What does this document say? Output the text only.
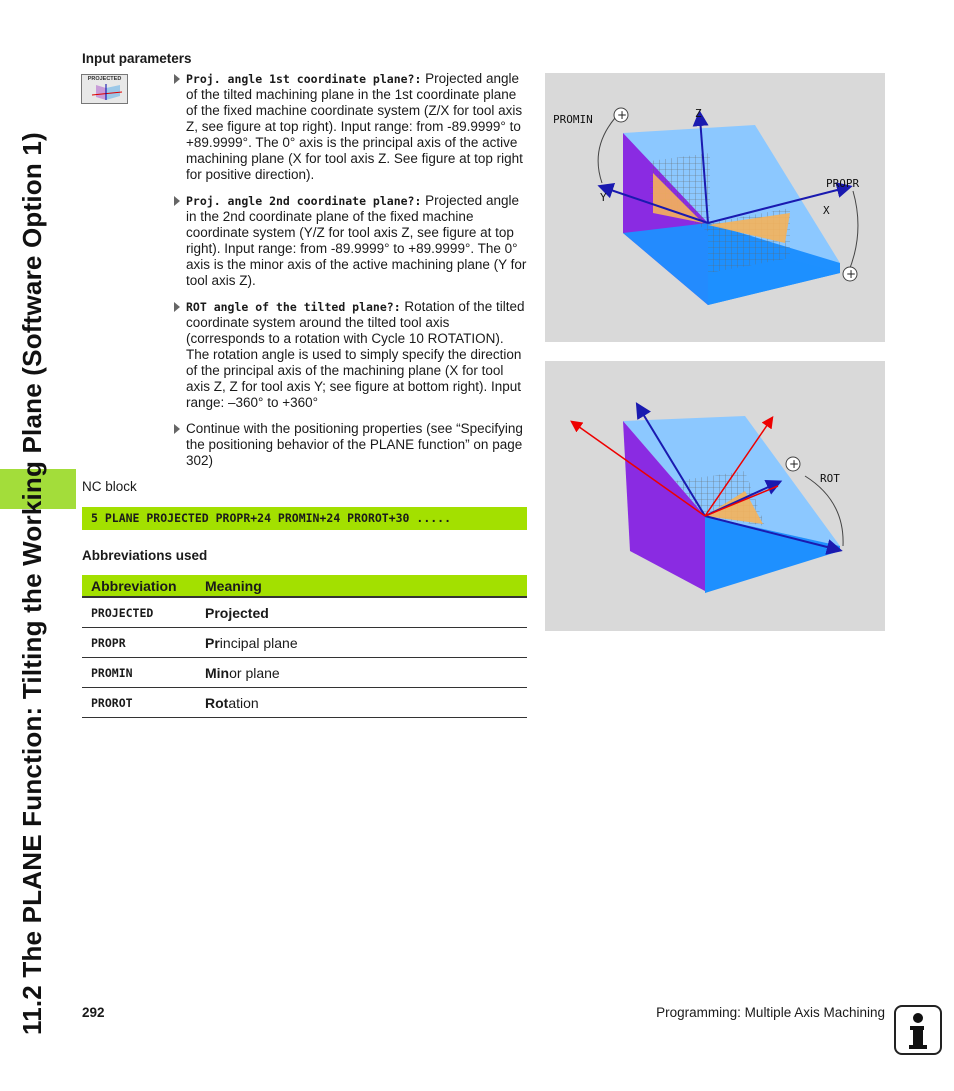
11.2 The PLANE Function: Tilting the Working Plane (Software Option 1)
Input parameters
PROJECTED	Proj. angle 1st coordinate plane?: Projected angle of the tilted machining plane in the 1st coordinate plane of the fixed machine coordinate system (Z/X for tool axis Z, see figure at top right). Input range: from -89.9999° to +89.9999°. The 0° axis is the principal axis of the active machining plane (X for tool axis Z. See figure at top right for positive direction).
Proj. angle 2nd coordinate plane?: Projected angle in the 2nd coordinate plane of the fixed machine coordinate system (Y/Z for tool axis Z, see figure at top right). Input range: from -89.9999° to +89.9999°. The 0° axis is the minor axis of the active machining plane (Y for tool axis Z).
ROT angle of the tilted plane?: Rotation of the tilted coordinate system around the tilted tool axis (corresponds to a rotation with Cycle 10 ROTATION). The rotation angle is used to simply specify the direction of the principal axis of the machining plane (X for tool axis Z, Z for tool axis Y; see figure at bottom right). Input range: –360° to +360°
Continue with the positioning properties (see “Specifying the positioning behavior of the PLANE function” on page 302)
NC block
5 PLANE PROJECTED PROPR+24 PROMIN+24 PROROT+30 .....
Abbreviations used
Abbreviation	Meaning
PROJECTED	Projected
PROPR	Principal plane
PROMIN	Minor plane
PROROT	Rotation
+
+
PROMIN	Z
PROPR
X
Y
+
ROT
292	Programming: Multiple Axis Machining
